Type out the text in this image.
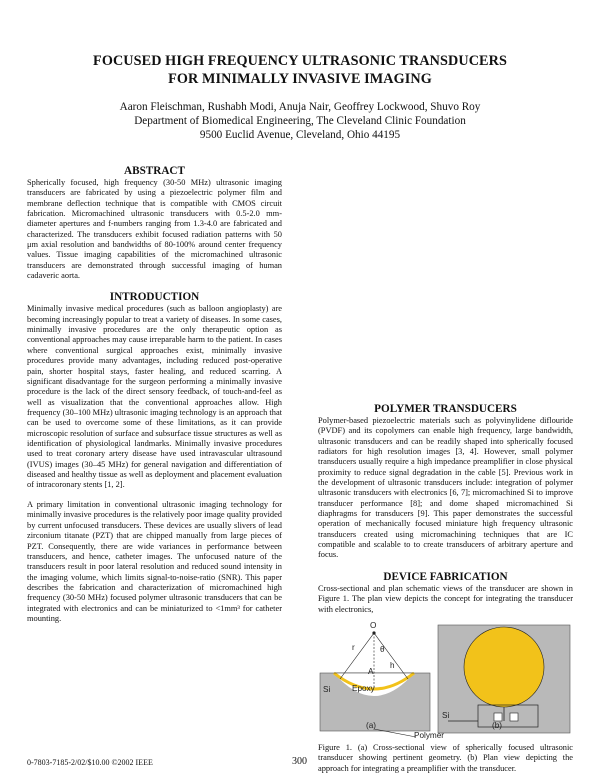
FOCUSED HIGH FREQUENCY ULTRASONIC TRANSDUCERS
FOR MINIMALLY INVASIVE IMAGING
Aaron Fleischman, Rushabh Modi, Anuja Nair, Geoffrey Lockwood, Shuvo Roy
Department of Biomedical Engineering, The Cleveland Clinic Foundation
9500 Euclid Avenue, Cleveland, Ohio 44195
ABSTRACT

Spherically focused, high frequency (30-50 MHz) ultrasonic imaging transducers are fabricated by using a piezoelectric polymer film and membrane deflection technique that is compatible with CMOS circuit fabrication. Micromachined ultrasonic transducers with 0.5-2.0 mm-diameter apertures and f-numbers ranging from 1.3-4.0 are fabricated and characterized. The transducers exhibit focused radiation patterns with 50 μm axial resolution and bandwidths of 80-100% around center frequency values. Tissue imaging capabilities of the micromachined ultrasonic transducers are demonstrated through successful imaging of human cadaveric aorta.

INTRODUCTION

Minimally invasive medical procedures (such as balloon angioplasty) are becoming increasingly popular to treat a variety of diseases. In some cases, minimally invasive procedures are the only therapeutic option as conventional approaches may cause irreparable harm to the patient. In cases where conventional surgical approaches exist, minimally invasive procedures provide many advantages, including reduced post-operative pain, shorter hospital stays, faster healing, and reduced scarring. A significant disadvantage for the surgeon performing a minimally invasive procedure is the lack of the direct sensory feedback, of touch-and-feel as well as visualization that the conventional approaches allow. High frequency (30–100 MHz) ultrasonic imaging technology is an approach that can be used to overcome some of these limitations, as it can provide microscopic resolution of surface and subsurface tissue structures as well as identification of physiological landmarks. Minimally invasive procedures used to treat coronary artery disease have used intravascular ultrasound (IVUS) images (30–45 MHz) for general navigation and differentiation of diseased and healthy tissue as well as deployment and placement evaluation of intracoronary stents [1, 2].

A primary limitation in conventional ultrasonic imaging technology for minimally invasive procedures is the relatively poor image quality provided by current unfocused transducers. These devices are usually slivers of lead zirconium titanate (PZT) that are chipped manually from large pieces of PZT. Consequently, there are wide variances in performance between transducers, and hence, catheter images. The unfocused nature of the transducers result in poor lateral resolution and reduced sound intensity in the imaging volume, which limits signal-to-noise-ratio (SNR). This paper describes the fabrication and characterization of micromachined high frequency (30-50 MHz) focused polymer ultrasonic transducers that can be integrated with electronics and can be miniaturized to <1mm³ for catheter mounting.

POLYMER TRANSDUCERS

Polymer-based piezoelectric materials such as polyvinylidene diflouride (PVDF) and its copolymers can enable high frequency, large bandwidth, ultrasonic transducers and can be readily shaped into spherically focused radiators for high resolution images [3, 4]. However, small polymer transducers usually require a high impedance preamplifier in close physical proximity to reduce signal degradation in the cable [5]. Previous work in the development of ultrasonic transducers include: integration of polymer ultrasonic transducers with electronics [6, 7]; micromachined Si to improve transducer performance [8]; and dome shaped micromachined Si diaphragms for transducers [9]. This paper demonstrates the successful operation of mechanically focused miniature high frequency ultrasonic transducers created using micromachining techniques that are IC compatible and scalable to to create transducers of arbitrary aperture and focus.

DEVICE FABRICATION

Cross-sectional and plan schematic views of the transducer are shown in Figure 1. The plan view depicts the concept for integrating the transducer with electronics,

O
r	θ
h
A
Si	Epoxy
Si
(a)
Polymer
(b)

Figure 1. (a) Cross-sectional view of spherically focused ultrasonic transducer showing pertinent geometry. (b) Plan view depicting the approach for integrating a preamplifier with the transducer.

0-7803-7185-2/02/$10.00 ©2002 IEEE	300
